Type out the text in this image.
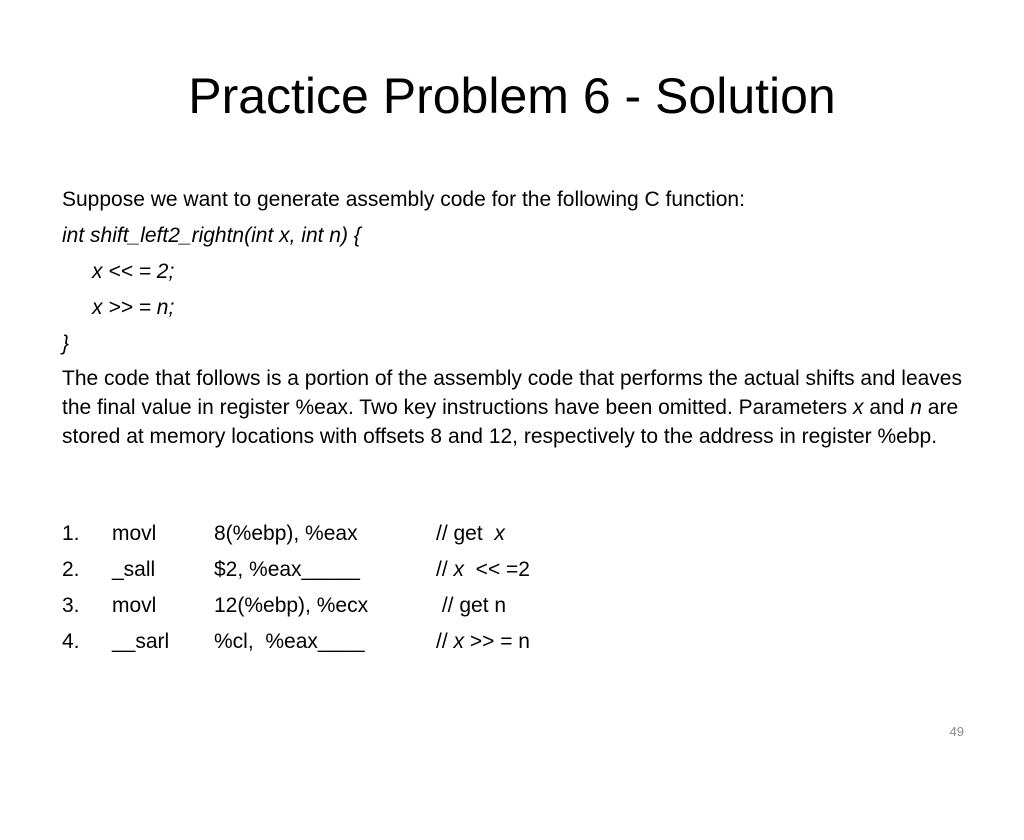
Practice Problem 6 - Solution
Suppose we want to generate assembly code for the following C function:
int shift_left2_rightn(int x, int n) {
x << = 2;
x >> = n;
}
The code that follows is a portion of the assembly code that performs the actual shifts and leaves the final value in register %eax. Two key instructions have been omitted. Parameters x and n are stored at memory locations with offsets 8 and 12, respectively to the address in register %ebp.

1.

movl

	8(%ebp), %eax

	// get  x

2.

_sall

	$2, %eax_____

	// x  << =2

3.

movl

	12(%ebp), %ecx

	// get n

4.

__sarl

%cl,  %eax____

	// x >> = n

49
